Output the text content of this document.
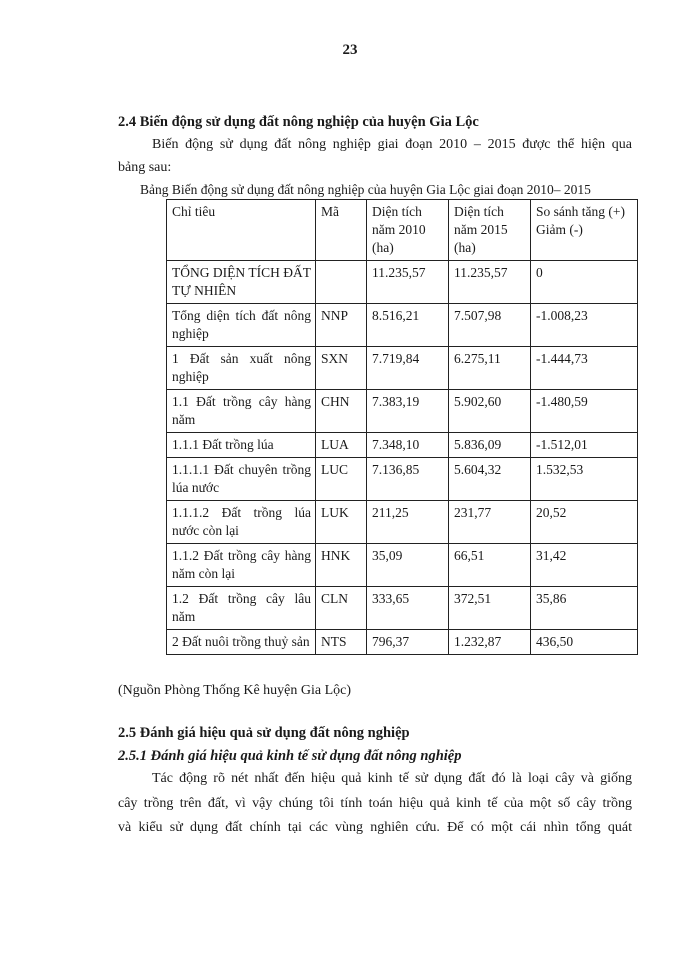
23
2.4 Biến động sử dụng đất nông nghiệp của huyện Gia Lộc
Biến động sử dụng đất nông nghiệp giai đoạn 2010 – 2015 được thể hiện qua
bảng sau:
Bảng Biến động sử dụng đất nông nghiệp của huyện Gia Lộc giai đoạn 2010– 2015
Chỉ tiêu	Mã	Diện tích năm 2010 (ha)	Diện tích năm 2015 (ha)	So sánh tăng (+) Giảm (-)
TỔNG DIỆN TÍCH ĐẤT TỰ NHIÊN		11.235,57	11.235,57	0
Tổng diện tích đất nông nghiệp	NNP	8.516,21	7.507,98	-1.008,23
1 Đất sản xuất nông nghiệp	SXN	7.719,84	6.275,11	-1.444,73
1.1 Đất trồng cây hàng năm	CHN	7.383,19	5.902,60	-1.480,59
1.1.1 Đất trồng lúa	LUA	7.348,10	5.836,09	-1.512,01
1.1.1.1 Đất chuyên trồng lúa nước	LUC	7.136,85	5.604,32	1.532,53
1.1.1.2 Đất trồng lúa nước còn lại	LUK	211,25	231,77	20,52
1.1.2 Đất trồng cây hàng năm còn lại	HNK	35,09	66,51	31,42
1.2 Đất trồng cây lâu năm	CLN	333,65	372,51	35,86
2 Đất nuôi trồng thuỷ sản	NTS	796,37	1.232,87	436,50
(Nguồn Phòng Thống Kê huyện Gia Lộc)
2.5 Đánh giá hiệu quả sử dụng đất nông nghiệp
2.5.1 Đánh giá hiệu quả kinh tế sử dụng đất nông nghiệp
Tác động rõ nét nhất đến hiệu quả kinh tế sử dụng đất đó là loại cây và giống
cây trồng trên đất, vì vậy chúng tôi tính toán hiệu quả kinh tế của một số cây trồng
và kiểu sử dụng đất chính tại các vùng nghiên cứu. Để có một cái nhìn tổng quát
